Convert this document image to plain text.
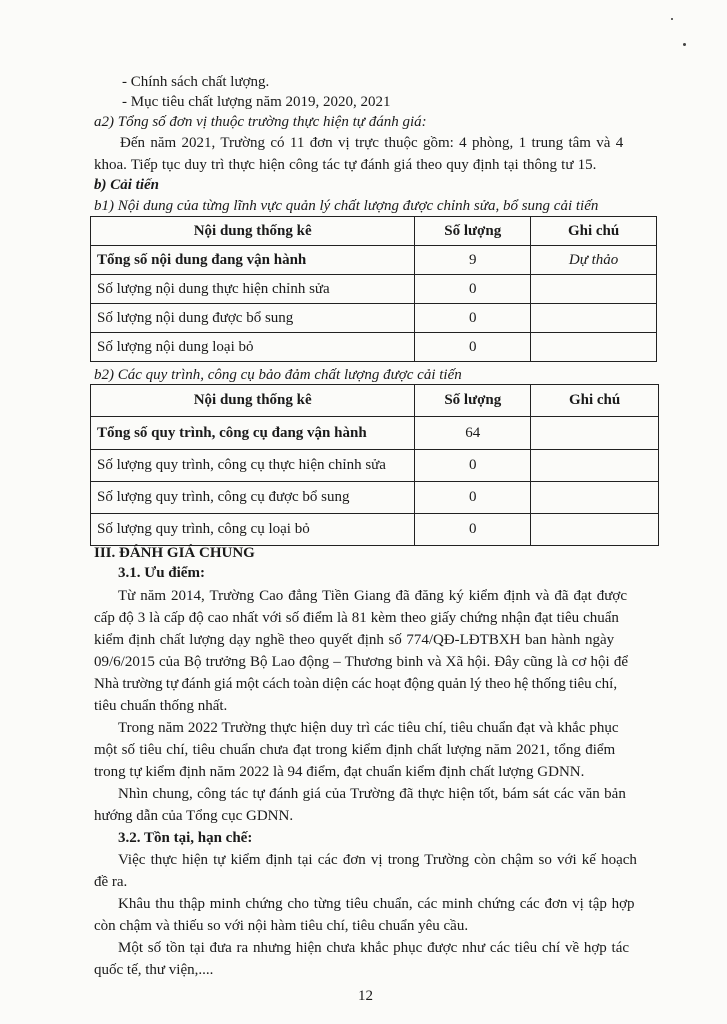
- Chính sách chất lượng.
- Mục tiêu chất lượng năm 2019, 2020, 2021
a2) Tổng số đơn vị thuộc trường thực hiện tự đánh giá:
Đến năm 2021, Trường có 11 đơn vị trực thuộc gồm: 4 phòng, 1 trung tâm và 4
khoa. Tiếp tục duy trì thực hiện công tác tự đánh giá theo quy định tại thông tư 15.
b) Cải tiến
b1) Nội dung của từng lĩnh vực quản lý chất lượng được chỉnh sửa, bổ sung cải tiến
Nội dung thống kê	Số lượng	Ghi chú
Tổng số nội dung đang vận hành	9	Dự thảo
Số lượng nội dung thực hiện chỉnh sửa	0	
Số lượng nội dung được bổ sung	0	
Số lượng nội dung loại bỏ	0	
b2) Các quy trình, công cụ bảo đảm chất lượng được cải tiến
Nội dung thống kê	Số lượng	Ghi chú
Tổng số quy trình, công cụ đang vận hành	64	
Số lượng quy trình, công cụ thực hiện chỉnh sửa	0	
Số lượng quy trình, công cụ được bổ sung	0	
Số lượng quy trình, công cụ loại bỏ	0	
III. ĐÁNH GIÁ CHUNG
3.1. Ưu điểm:
Từ năm 2014, Trường Cao đẳng Tiền Giang đã đăng ký kiểm định và đã đạt được
cấp độ 3 là cấp độ cao nhất với số điểm là 81 kèm theo giấy chứng nhận đạt tiêu chuẩn
kiểm định chất lượng dạy nghề theo quyết định số 774/QĐ-LĐTBXH ban hành ngày
09/6/2015 của Bộ trưởng Bộ Lao động – Thương binh và Xã hội. Đây cũng là cơ hội để
Nhà trường tự đánh giá một cách toàn diện các hoạt động quản lý theo hệ thống tiêu chí,
tiêu chuẩn thống nhất.
Trong năm 2022 Trường thực hiện duy trì các tiêu chí, tiêu chuẩn đạt và khắc phục
một số tiêu chí, tiêu chuẩn chưa đạt trong kiểm định chất lượng năm 2021, tổng điểm
trong tự kiểm định năm 2022 là 94 điểm, đạt chuẩn kiểm định chất lượng GDNN.
Nhìn chung, công tác tự đánh giá của Trường đã thực hiện tốt, bám sát các văn bản
hướng dẫn của Tổng cục GDNN.
3.2. Tồn tại, hạn chế:
Việc thực hiện tự kiểm định tại các đơn vị trong Trường còn chậm so với kế hoạch
đề ra.
Khâu thu thập minh chứng cho từng tiêu chuẩn, các minh chứng các đơn vị tập hợp
còn chậm và thiếu so với nội hàm tiêu chí, tiêu chuẩn yêu cầu.
Một số tồn tại đưa ra nhưng hiện chưa khắc phục được như các tiêu chí về hợp tác
quốc tế, thư viện,....
12
